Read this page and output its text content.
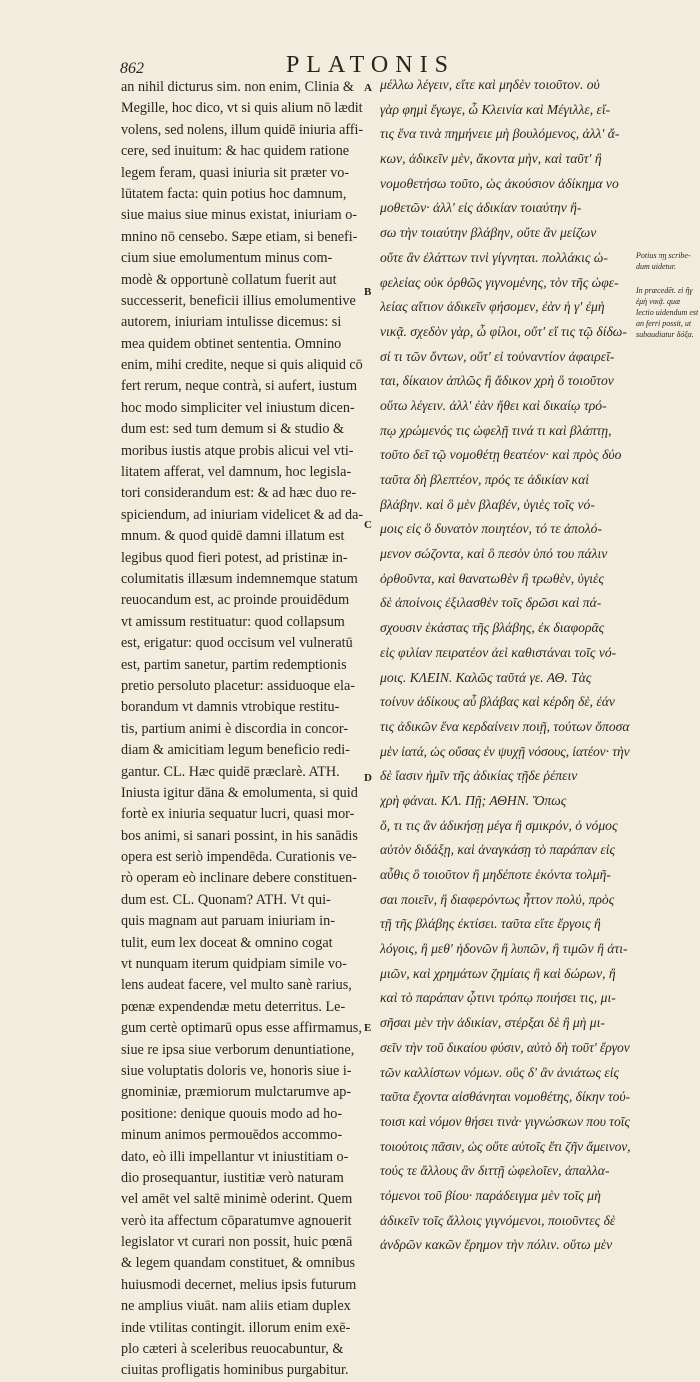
862	PLATONIS
an nihil dicturus sim. non enim, Clinia &
Megille, hoc dico, vt si quis alium nō lædit
volens, sed nolens, illum quidē iniuria affi-
cere, sed inuitum: & hac quidem ratione
legem feram, quasi iniuria sit præter vo-
lūtatem facta: quin potius hoc damnum,
siue maius siue minus existat, iniuriam o-
mnino nō censebo. Sæpe etiam, si benefi-
cium siue emolumentum minus com-
modè & opportunè collatum fuerit aut
successerit, beneficii illius emolumentive
autorem, iniuriam intulisse dicemus: si
mea quidem obtinet sententia. Omnino
enim, mihi credite, neque si quis aliquid cō
fert rerum, neque contrà, si aufert, iustum
hoc modo simpliciter vel iniustum dicen-
dum est: sed tum demum si & studio &
moribus iustis atque probis alicui vel vti-
litatem afferat, vel damnum, hoc legisla-
tori considerandum est: & ad hæc duo re-
spiciendum, ad iniuriam videlicet & ad da-
mnum. & quod quidē damni illatum est
legibus quod fieri potest, ad pristinæ in-
columitatis illæsum indemnemque statum
reuocandum est, ac proinde prouidēdum
vt amissum restituatur: quod collapsum
est, erigatur: quod occisum vel vulneratū
est, partim sanetur, partim redemptionis
pretio persoluto placetur: assiduoque ela-
borandum vt damnis vtrobique restitu-
tis, partium animi è discordia in concor-
diam & amicitiam legum beneficio redi-
gantur. CL. Hæc quidē præclarè. ATH.
Iniusta igitur dāna & emolumenta, si quid
fortè ex iniuria sequatur lucri, quasi mor-
bos animi, si sanari possint, in his sanādis
opera est seriò impendēda. Curationis ve-
rò operam eò inclinare debere constituen-
dum est. CL. Quonam? ATH. Vt qui-
quis magnam aut paruam iniuriam in-
tulit, eum lex doceat & omnino cogat
vt nunquam iterum quidpiam simile vo-
lens audeat facere, vel multo sanè rarius,
pœnæ expendendæ metu deterritus. Le-
gum certè optimarū opus esse affirmamus,
siue re ipsa siue verborum denuntiatione,
siue voluptatis doloris ve, honoris siue i-
gnominiæ, præmiorum mulctarumve ap-
positione: denique quouis modo ad ho-
minum animos permouēdos accommo-
dato, eò illi impellantur vt iniustitiam o-
dio prosequantur, iustitiæ verò naturam
vel amēt vel saltē minimè oderint. Quem
verò ita affectum cōparatumve agnouerit
legislator vt curari non possit, huic pœnā
& legem quandam constituet, & omnibus
huiusmodi decernet, melius ipsis futurum
ne amplius viuāt. nam aliis etiam duplex
inde vtilitas contingit. illorum enim exē-
plo cæteri à sceleribus reuocabuntur, &
ciuitas profligatis hominibus purgabitur.
μέλλω λέγειν, εἴτε καὶ μηδὲν τοιοῦτον. οὐ
γὰρ φημὶ ἔγωγε, ὦ Κλεινία καὶ Μέγιλλε, εἴ-
τις ἕνα τινὰ πημήνειε μὴ βουλόμενος, ἀλλ' ἄ-
κων, ἀδικεῖν μὲν, ἄκοντα μὴν, καὶ ταῦτ' ἢ
νομοθετήσω τοῦτο, ὡς ἀκούσιον ἀδίκημα νο
μοθετῶν· ἀλλ' εἰς ἀδικίαν τοιαύτην ἢ-
σω τὴν τοιαύτην βλάβην, οὔτε ἂν μείζων
οὔτε ἂν ἐλάττων τινὶ γίγνηται. πολλάκις ὠ-
φελείας οὐκ ὀρθῶς γιγνομένης, τὸν τῆς ὠφε-
λείας αἴτιον ἀδικεῖν φήσομεν, ἐὰν ἡ γ' ἐμὴ
νικᾷ. σχεδὸν γὰρ, ὦ φίλοι, οὔτ' εἴ τις τῷ δίδω-
σί τι τῶν ὄντων, οὔτ' εἰ τοὐναντίον ἀφαιρεῖ-
ται, δίκαιον ἁπλῶς ἢ ἄδικον χρὴ ὃ τοιοῦτον
οὕτω λέγειν. ἀλλ' ἐὰν ἤθει καὶ δικαίῳ τρό-
πῳ χρώμενός τις ὠφελῇ τινά τι καὶ βλάπτῃ,
τοῦτο δεῖ τῷ νομοθέτῃ θεατέον· καὶ πρὸς δύο
ταῦτα δὴ βλεπτέον, πρός τε ἀδικίαν καὶ
βλάβην. καὶ ὃ μὲν βλαβέν, ὑγιὲς τοῖς νό-
μοις εἰς ὃ δυνατὸν ποιητέον, τό τε ἀπολό-
μενον σώζοντα, καὶ ὃ πεσὸν ὑπό του πάλιν
ὀρθοῦντα, καὶ θανατωθὲν ἢ τρωθὲν, ὑγιὲς
δὲ ἀποίνοις ἐξιλασθὲν τοῖς δρῶσι καὶ πά-
σχουσιν ἑκάστας τῆς βλάβης, ἐκ διαφορᾶς
εἰς φιλίαν πειρατέον ἀεὶ καθιστάναι τοῖς νό-
μοις. ΚΛΕΙΝ. Καλῶς ταῦτά γε. ΑΘ. Τὰς
τοίνυν ἀδίκους αὖ βλάβας καὶ κέρδη δὲ, ἐάν
τις ἀδικῶν ἕνα κερδαίνειν ποιῇ, τούτων ὅποσα
μὲν ἰατά, ὡς οὔσας ἐν ψυχῇ νόσους, ἰατέον· τὴν
δὲ ἴασιν ἡμῖν τῆς ἀδικίας τῇδε ῥέπειν
χρὴ φάναι. ΚΛ. Πῇ; ΑΘΗΝ. Ὅπως
ὅ, τι τις ἂν ἀδικήσῃ μέγα ἢ σμικρόν, ὁ νόμος
αὐτὸν διδάξῃ, καὶ ἀναγκάσῃ τὸ παράπαν εἰς
αὖθις ὃ τοιοῦτον ἢ μηδέποτε ἑκόντα τολμῆ-
σαι ποιεῖν, ἢ διαφερόντως ἧττον πολύ, πρὸς
τῇ τῆς βλάβης ἐκτίσει. ταῦτα εἴτε ἔργοις ἢ
λόγοις, ἢ μεθ' ἡδονῶν ἢ λυπῶν, ἢ τιμῶν ἢ ἀτι-
μιῶν, καὶ χρημάτων ζημίαις ἢ καὶ δώρων, ἢ
καὶ τὸ παράπαν ᾧτινι τρόπῳ ποιήσει τις, μι-
σῆσαι μὲν τὴν ἀδικίαν, στέρξαι δὲ ἢ μὴ μι-
σεῖν τὴν τοῦ δικαίου φύσιν, αὐτὸ δὴ τοῦτ' ἔργον
τῶν καλλίστων νόμων. οὓς δ' ἂν ἀνιάτως εἰς
ταῦτα ἔχοντα αἰσθάνηται νομοθέτης, δίκην τού-
τοισι καὶ νόμον θήσει τινὰ· γιγνώσκων που τοῖς
τοιούτοις πᾶσιν, ὡς οὔτε αὐτοῖς ἔτι ζῆν ἄμεινον,
τούς τε ἄλλους ἂν διττῇ ὠφελοῖεν, ἀπαλλα-
τόμενοι τοῦ βίου· παράδειγμα μὲν τοῖς μὴ
ἀδικεῖν τοῖς ἄλλοις γιγνόμενοι, ποιοῦντες δὲ
ἀνδρῶν κακῶν ἔρημον τὴν πόλιν. οὕτω μὲν
A
B
C
D
E
Potius πῃ scribe-dum uidetur.
In præcedēt. εἰ ἤγ ἐμὴ νικᾷ. quæ lectio uidendum est an ferri possit, ut subaudiatur δόξα.
